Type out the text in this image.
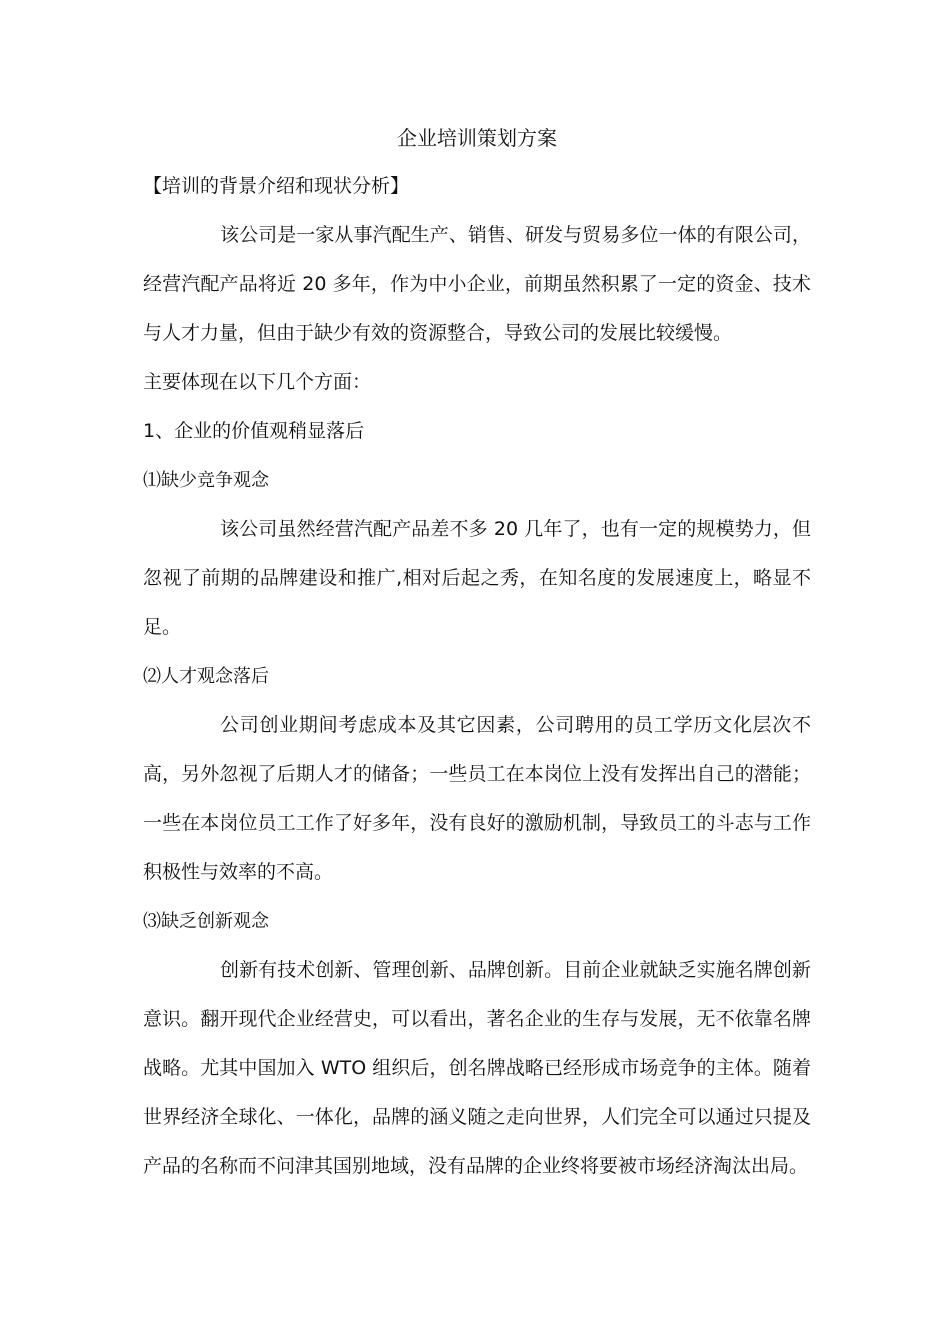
企业培训策划方案

【培训的背景介绍和现状分析】

该公司是一家从事汽配生产、销售、研发与贸易多位一体的有限公司，经营汽配产品将近 20 多年，作为中小企业，前期虽然积累了一定的资金、技术与人才力量，但由于缺少有效的资源整合，导致公司的发展比较缓慢。

主要体现在以下几个方面：

1、企业的价值观稍显落后

⑴缺少竞争观念

该公司虽然经营汽配产品差不多 20 几年了，也有一定的规模势力，但忽视了前期的品牌建设和推广,相对后起之秀，在知名度的发展速度上，略显不足。

⑵人才观念落后

公司创业期间考虑成本及其它因素，公司聘用的员工学历文化层次不高，另外忽视了后期人才的储备；一些员工在本岗位上没有发挥出自己的潜能；一些在本岗位员工工作了好多年，没有良好的激励机制，导致员工的斗志与工作积极性与效率的不高。

⑶缺乏创新观念

创新有技术创新、管理创新、品牌创新。目前企业就缺乏实施名牌创新意识。翻开现代企业经营史，可以看出，著名企业的生存与发展，无不依靠名牌战略。尤其中国加入 WTO 组织后，创名牌战略已经形成市场竞争的主体。随着世界经济全球化、一体化，品牌的涵义随之走向世界，人们完全可以通过只提及产品的名称而不问津其国别地域，没有品牌的企业终将要被市场经济淘汰出局。
